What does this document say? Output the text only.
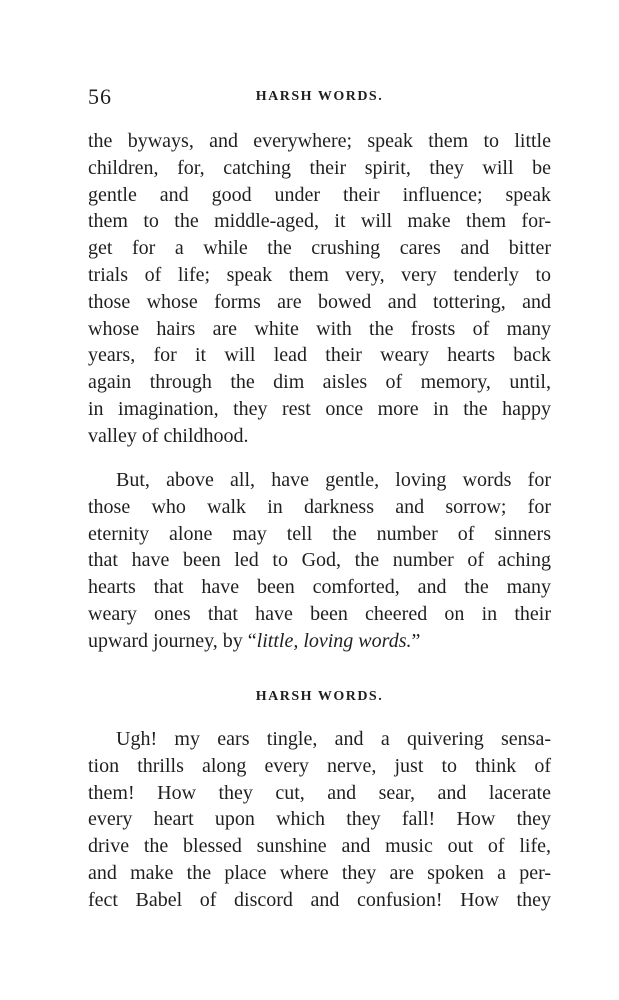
56	HARSH WORDS.
the byways, and everywhere; speak them to little
children, for, catching their spirit, they will be
gentle and good under their influence; speak
them to the middle-aged, it will make them for-
get for a while the crushing cares and bitter
trials of life; speak them very, very tenderly to
those whose forms are bowed and tottering, and
whose hairs are white with the frosts of many
years, for it will lead their weary hearts back
again through the dim aisles of memory, until,
in imagination, they rest once more in the happy
valley of childhood.
But, above all, have gentle, loving words for
those who walk in darkness and sorrow; for
eternity alone may tell the number of sinners
that have been led to God, the number of aching
hearts that have been comforted, and the many
weary ones that have been cheered on in their
upward journey, by “little, loving words.”
HARSH WORDS.
Ugh! my ears tingle, and a quivering sensa-
tion thrills along every nerve, just to think of
them! How they cut, and sear, and lacerate
every heart upon which they fall! How they
drive the blessed sunshine and music out of life,
and make the place where they are spoken a per-
fect Babel of discord and confusion! How they
